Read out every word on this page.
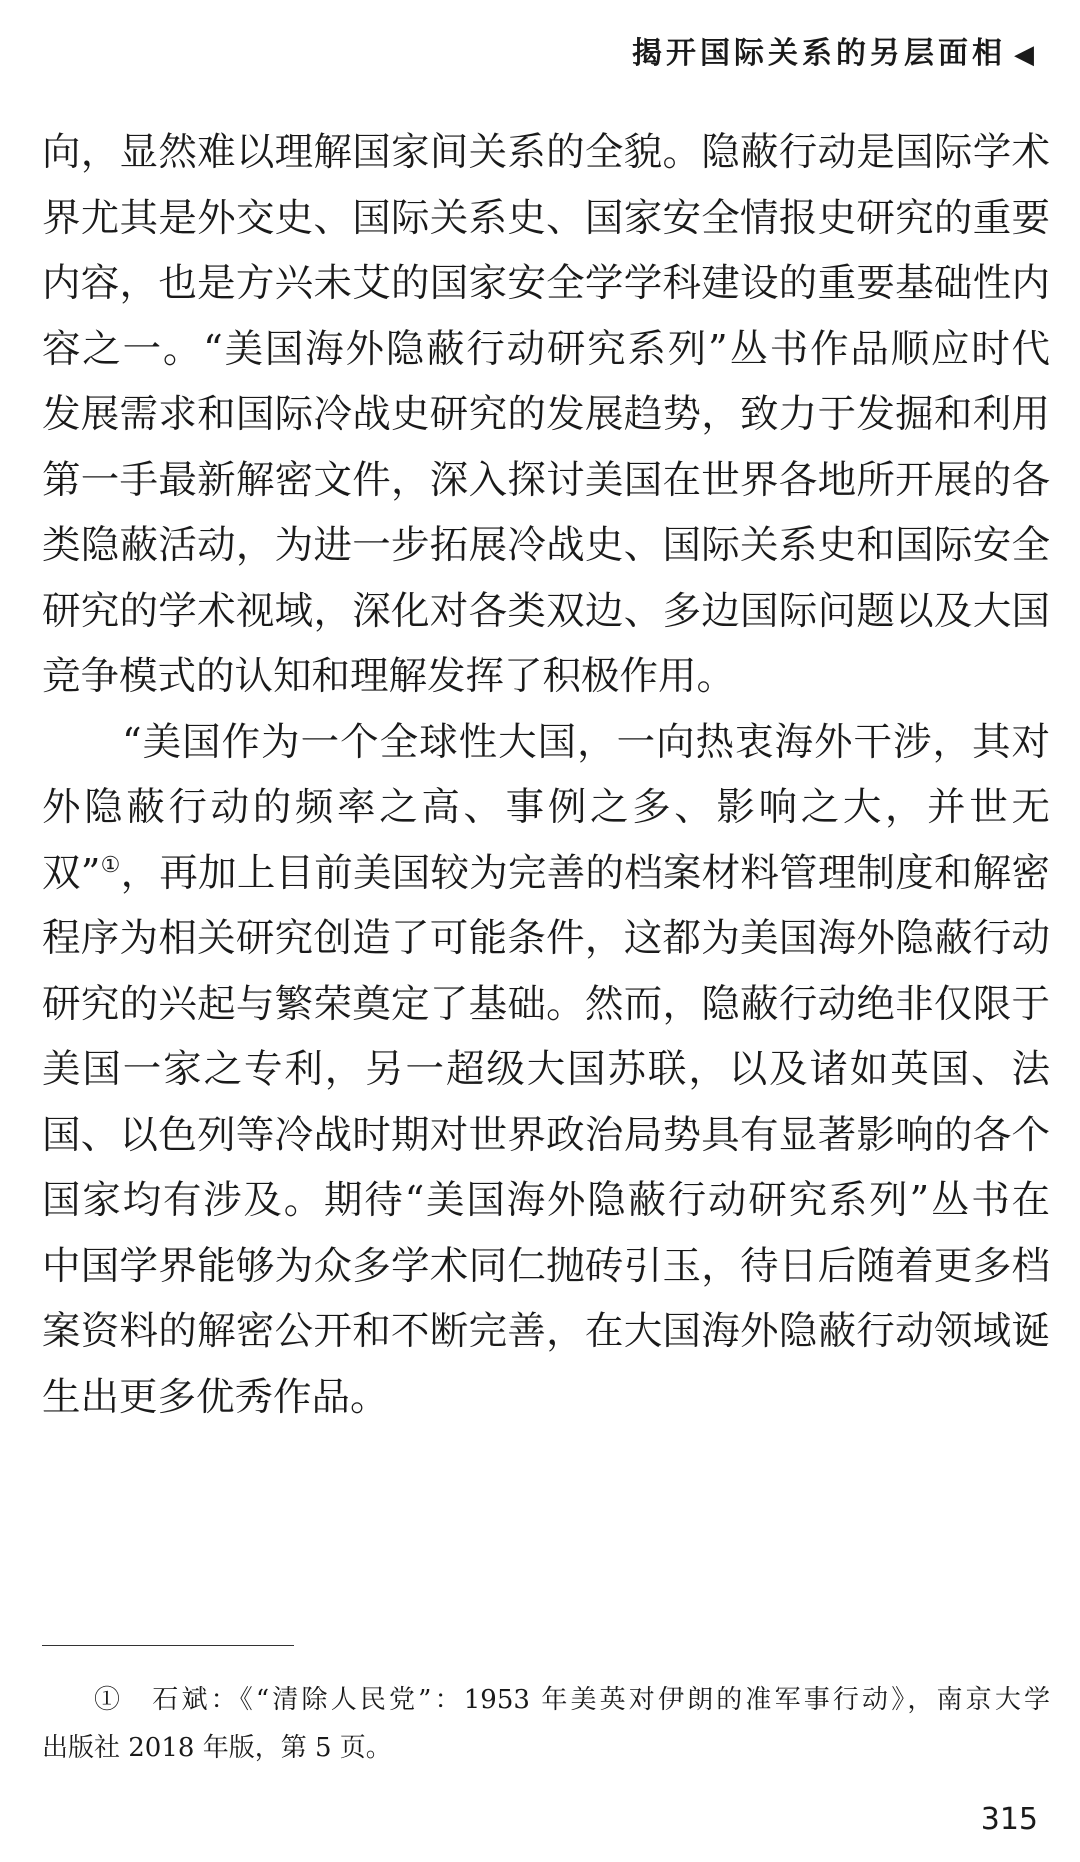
揭开国际关系的另层面相 ◀
向，显然难以理解国家间关系的全貌。隐蔽行动是国际学术
界尤其是外交史、国际关系史、国家安全情报史研究的重要
内容，也是方兴未艾的国家安全学学科建设的重要基础性内
容之一。“美国海外隐蔽行动研究系列”丛书作品顺应时代
发展需求和国际冷战史研究的发展趋势，致力于发掘和利用
第一手最新解密文件，深入探讨美国在世界各地所开展的各
类隐蔽活动，为进一步拓展冷战史、国际关系史和国际安全
研究的学术视域，深化对各类双边、多边国际问题以及大国
竞争模式的认知和理解发挥了积极作用。
“美国作为一个全球性大国，一向热衷海外干涉，其对
外隐蔽行动的频率之高、事例之多、影响之大，并世无
双”①，再加上目前美国较为完善的档案材料管理制度和解密
程序为相关研究创造了可能条件，这都为美国海外隐蔽行动
研究的兴起与繁荣奠定了基础。然而，隐蔽行动绝非仅限于
美国一家之专利，另一超级大国苏联，以及诸如英国、法
国、以色列等冷战时期对世界政治局势具有显著影响的各个
国家均有涉及。期待“美国海外隐蔽行动研究系列”丛书在
中国学界能够为众多学术同仁抛砖引玉，待日后随着更多档
案资料的解密公开和不断完善，在大国海外隐蔽行动领域诞
生出更多优秀作品。
①　石斌：《“清除人民党”：1953 年美英对伊朗的准军事行动》，南京大学
出版社 2018 年版，第 5 页。
315
